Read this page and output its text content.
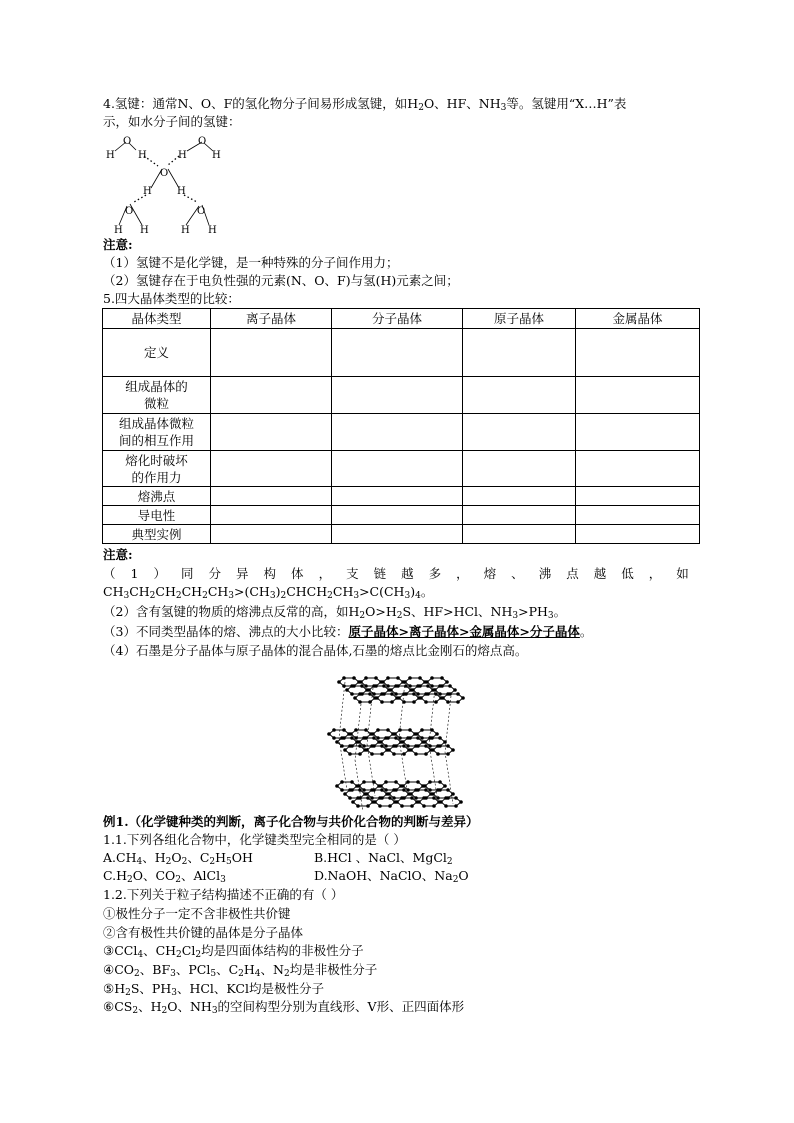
4.氢键：通常N、O、F的氢化物分子间易形成氢键，如$H_2O$、HF、$NH_3$等。氢键用“X…H”表
示，如水分子间的氢键：
O
H H
O
H	H
O
H	H
O	O
H H	H H
注意:
（1）氢键不是化学键，是一种特殊的分子间作用力；
（2）氢键存在于电负性强的元素(N、O、F)与氢(H)元素之间；
5.四大晶体类型的比较：
晶体类型	离子晶体	分子晶体	原子晶体	金属晶体
定义				
组成晶体的
微粒				
组成晶体微粒
间的相互作用				
熔化时破坏
的作用力				
熔沸点				
导电性				
典型实例				
注意:
（ 1 ） 同 分 异 构 体 ， 支 链 越 多 ， 熔 、 沸 点 越 低 ， 如
$CH_3CH_2CH_2CH_2CH_3>(CH_3)_2CHCH_2CH_3>C(CH_3)_4$。
（2）含有氢键的物质的熔沸点反常的高，如$H_2O>H_2S$、HF>HCl、$NH_3>PH_3$。
（3）不同类型晶体的熔、沸点的大小比较：原子晶体>离子晶体>金属晶体>分子晶体。
（4）石墨是分子晶体与原子晶体的混合晶体,石墨的熔点比金刚石的熔点高。
例1.（化学键种类的判断，离子化合物与共价化合物的判断与差异）
1.1.下列各组化合物中，化学键类型完全相同的是（ ）
$A.CH_4$、$H_2O_2$、$C_2H_5OH$	B.HCl 、NaCl、MgCl$_2$
$C.H_2O$、$CO_2$、AlCl$_3$	D.NaOH、NaClO、$Na_2O$
1.2.下列关于粒子结构描述不正确的有（ ）
①极性分子一定不含非极性共价键
②含有极性共价键的晶体是分子晶体
③CCl$_4$、$CH_2Cl_2$均是四面体结构的非极性分子
$④CO_2$、$BF_3$、PCl$_5$、$C_2H_4$、$N_2$均是非极性分子
$⑤H_2S$、$PH_3$、HCl、KCl均是极性分子
$⑥CS_2$、$H_2O$、$NH_3$的空间构型分别为直线形、V形、正四面体形
